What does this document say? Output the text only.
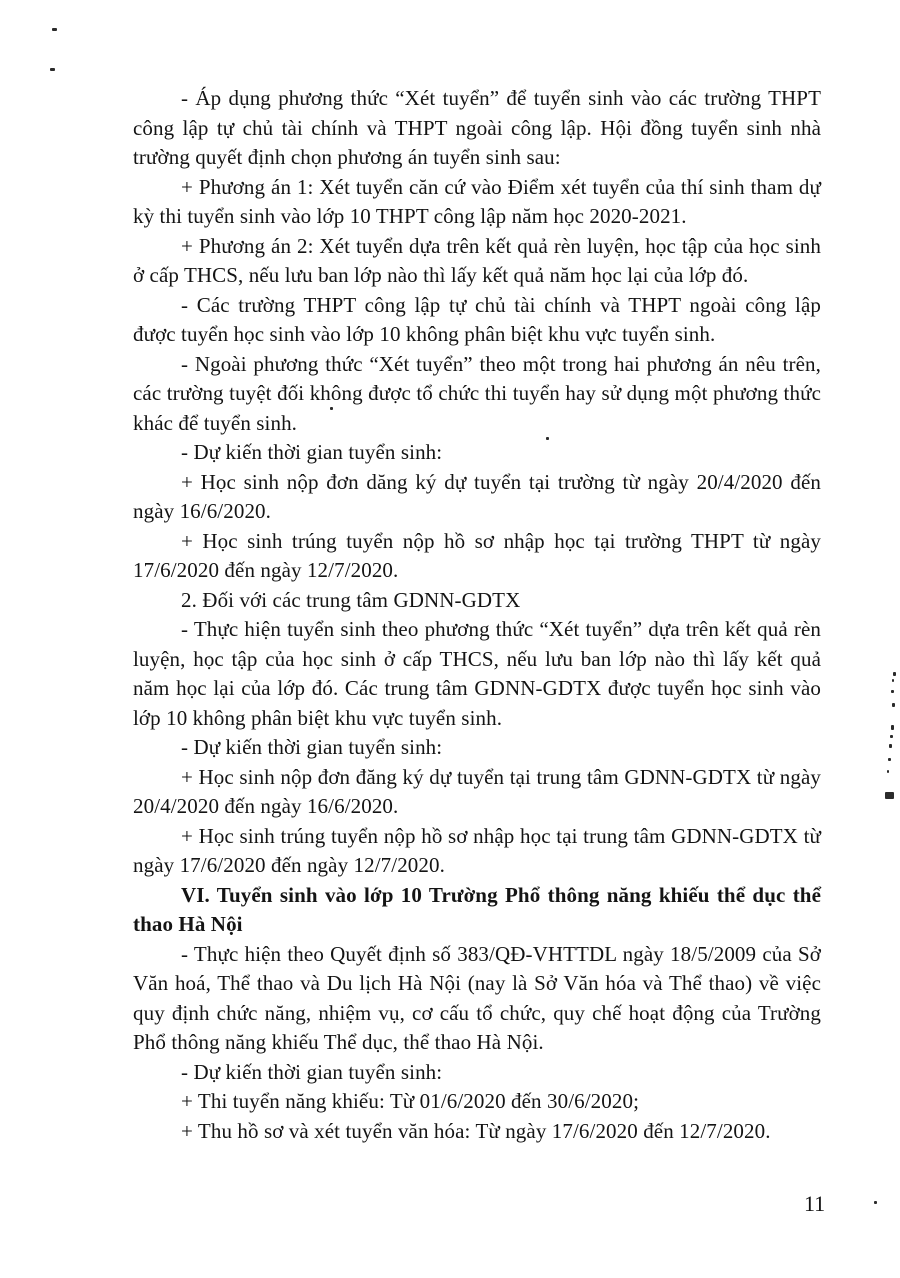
- Áp dụng phương thức “Xét tuyển” để tuyển sinh vào các trường THPT công lập tự chủ tài chính và THPT ngoài công lập. Hội đồng tuyển sinh nhà trường quyết định chọn phương án tuyển sinh sau:

+ Phương án 1: Xét tuyển căn cứ vào Điểm xét tuyển của thí sinh tham dự kỳ thi tuyển sinh vào lớp 10 THPT công lập năm học 2020-2021.

+ Phương án 2: Xét tuyển dựa trên kết quả rèn luyện, học tập của học sinh ở cấp THCS, nếu lưu ban lớp nào thì lấy kết quả năm học lại của lớp đó.

- Các trường THPT công lập tự chủ tài chính và THPT ngoài công lập được tuyển học sinh vào lớp 10 không phân biệt khu vực tuyển sinh.

- Ngoài phương thức “Xét tuyển” theo một trong hai phương án nêu trên, các trường tuyệt đối không được tổ chức thi tuyển hay sử dụng một phương thức khác để tuyển sinh.

- Dự kiến thời gian tuyển sinh:

+ Học sinh nộp đơn dăng ký dự tuyển tại trường từ ngày 20/4/2020 đến ngày 16/6/2020.

+ Học sinh trúng tuyển nộp hồ sơ nhập học tại trường THPT từ ngày 17/6/2020 đến ngày 12/7/2020.

2. Đối với các trung tâm GDNN-GDTX

- Thực hiện tuyển sinh theo phương thức “Xét tuyển” dựa trên kết quả rèn luyện, học tập của học sinh ở cấp THCS, nếu lưu ban lớp nào thì lấy kết quả năm học lại của lớp đó. Các trung tâm GDNN-GDTX được tuyển học sinh vào lớp 10 không phân biệt khu vực tuyển sinh.

- Dự kiến thời gian tuyển sinh:

+ Học sinh nộp đơn đăng ký dự tuyển tại trung tâm GDNN-GDTX từ ngày 20/4/2020 đến ngày 16/6/2020.

+ Học sinh trúng tuyển nộp hồ sơ nhập học tại trung tâm GDNN-GDTX từ ngày 17/6/2020 đến ngày 12/7/2020.

VI. Tuyển sinh vào lớp 10 Trường Phổ thông năng khiếu thể dục thể thao Hà Nội

- Thực hiện theo Quyết định số 383/QĐ-VHTTDL ngày 18/5/2009 của Sở Văn hoá, Thể thao và Du lịch Hà Nội (nay là Sở Văn hóa và Thể thao) về việc quy định chức năng, nhiệm vụ, cơ cấu tổ chức, quy chế hoạt động của Trường Phổ thông năng khiếu Thể dục, thể thao Hà Nội.

- Dự kiến thời gian tuyển sinh:

+ Thi tuyển năng khiếu: Từ 01/6/2020 đến 30/6/2020;

+ Thu hồ sơ và xét tuyển văn hóa: Từ ngày 17/6/2020 đến 12/7/2020.

11
